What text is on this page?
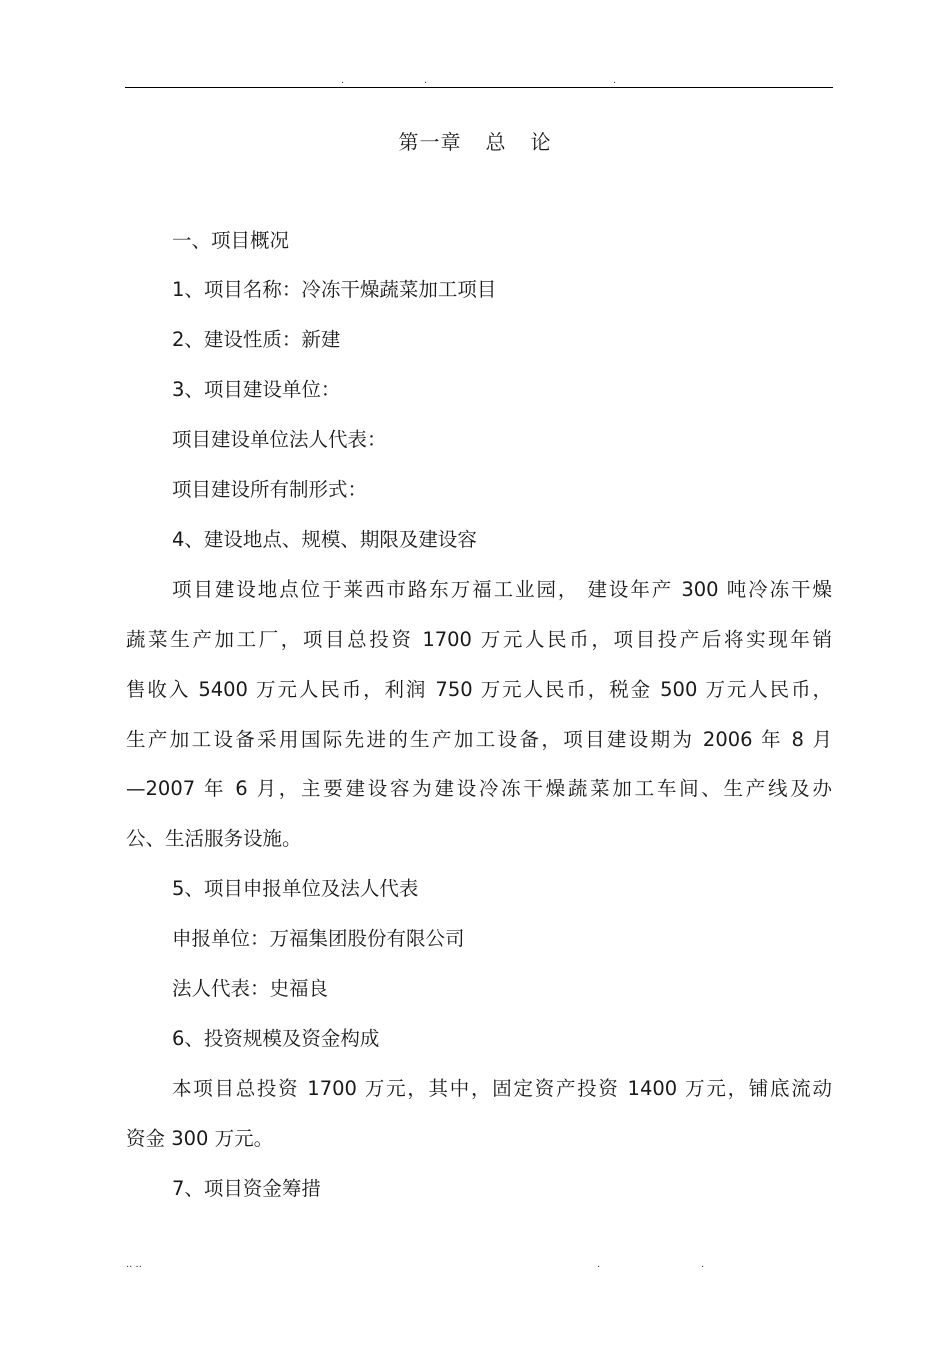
.	.	.
第一章 总 论
一、项目概况
1、项目名称：冷冻干燥蔬菜加工项目
2、建设性质：新建
3、项目建设单位：
项目建设单位法人代表：
项目建设所有制形式：
4、建设地点、规模、期限及建设容
项目建设地点位于莱西市路东万福工业园， 建设年产 300 吨冷冻干燥
蔬菜生产加工厂，项目总投资 1700 万元人民币，项目投产后将实现年销
售收入 5400 万元人民币，利润 750 万元人民币，税金 500 万元人民币，
生产加工设备采用国际先进的生产加工设备，项目建设期为 2006 年 8 月
—2007 年 6 月，主要建设容为建设冷冻干燥蔬菜加工车间、生产线及办
公、生活服务设施。
5、项目申报单位及法人代表
申报单位：万福集团股份有限公司
法人代表：史福良
6、投资规模及资金构成
本项目总投资 1700 万元，其中，固定资产投资 1400 万元，铺底流动
资金 300 万元。
7、项目资金筹措
.. ..	.	.
